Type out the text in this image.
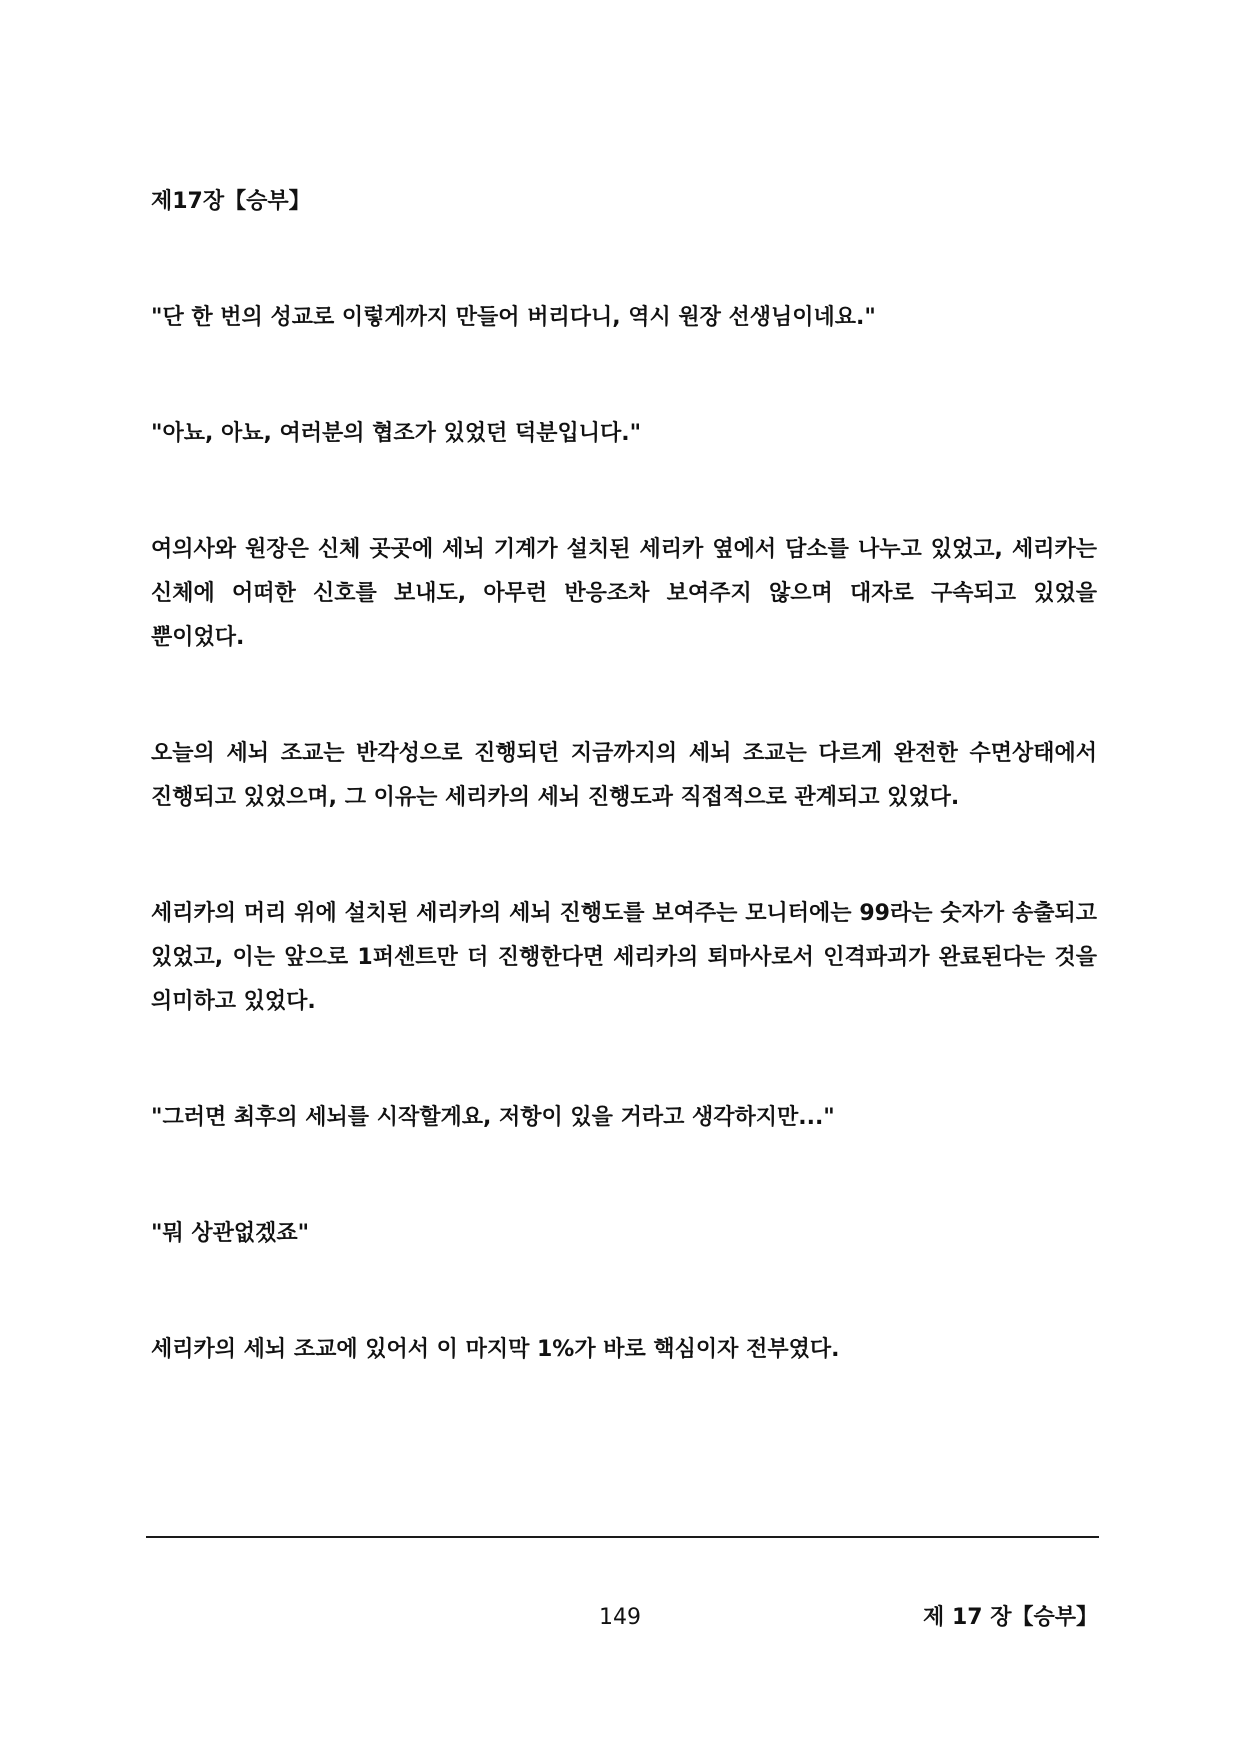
제17장【승부】

"단 한 번의 성교로 이렇게까지 만들어 버리다니, 역시 원장 선생님이네요."

"아뇨, 아뇨, 여러분의 협조가 있었던 덕분입니다."

여의사와 원장은 신체 곳곳에 세뇌 기계가 설치된 세리카 옆에서 담소를 나누고 있었고, 세리카는 신체에 어떠한 신호를 보내도, 아무런 반응조차 보여주지 않으며 대자로 구속되고 있었을 뿐이었다.

오늘의 세뇌 조교는 반각성으로 진행되던 지금까지의 세뇌 조교는 다르게 완전한 수면상태에서 진행되고 있었으며, 그 이유는 세리카의 세뇌 진행도과 직접적으로 관계되고 있었다.

세리카의 머리 위에 설치된 세리카의 세뇌 진행도를 보여주는 모니터에는 99라는 숫자가 송출되고 있었고, 이는 앞으로 1퍼센트만 더 진행한다면 세리카의 퇴마사로서 인격파괴가 완료된다는 것을 의미하고 있었다.

"그러면 최후의 세뇌를 시작할게요, 저항이 있을 거라고 생각하지만..."

"뭐 상관없겠죠"

세리카의 세뇌 조교에 있어서 이 마지막 1%가 바로 핵심이자 전부였다.

149	제 17 장【승부】
